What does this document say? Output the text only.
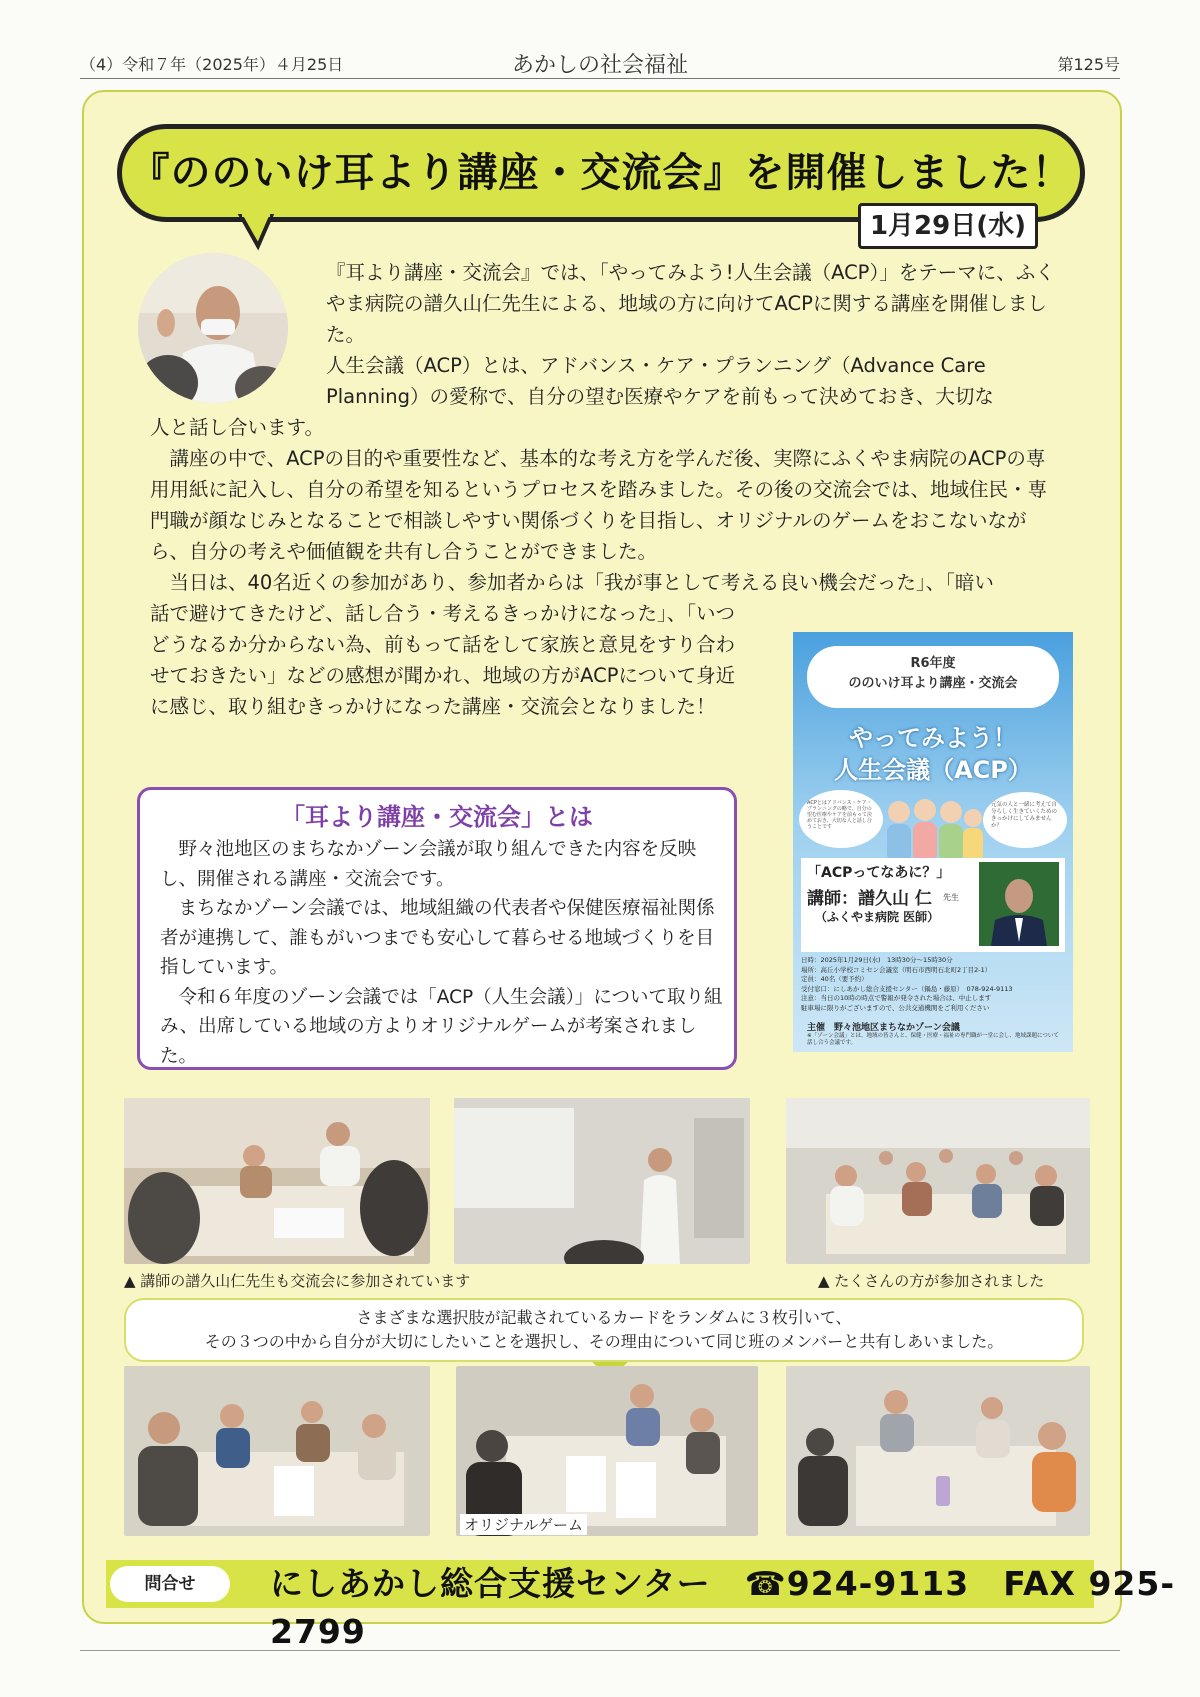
（4）令和７年（2025年）４月25日	あかしの社会福祉	第125号
『ののいけ耳より講座・交流会』を開催しました！
1月29日(水)
『耳より講座・交流会』では、「やってみよう!人生会議（ACP）」をテーマに、ふくやま病院の譜久山仁先生による、地域の方に向けてACPに関する講座を開催しました。
人生会議（ACP）とは、アドバンス・ケア・プランニング（Advance Care Planning）の愛称で、自分の望む医療やケアを前もって決めておき、大切な
人と話し合います。
講座の中で、ACPの目的や重要性など、基本的な考え方を学んだ後、実際にふくやま病院のACPの専用用紙に記入し、自分の希望を知るというプロセスを踏みました。その後の交流会では、地域住民・専門職が顔なじみとなることで相談しやすい関係づくりを目指し、オリジナルのゲームをおこないながら、自分の考えや価値観を共有し合うことができました。
当日は、40名近くの参加があり、参加者からは「我が事として考える良い機会だった」、「暗い
話で避けてきたけど、話し合う・考えるきっかけになった」、「いつどうなるか分からない為、前もって話をして家族と意見をすり合わせておきたい」などの感想が聞かれ、地域の方がACPについて身近に感じ、取り組むきっかけになった講座・交流会となりました！
「耳より講座・交流会」とは
野々池地区のまちなかゾーン会議が取り組んできた内容を反映し、開催される講座・交流会です。
まちなかゾーン会議では、地域組織の代表者や保健医療福祉関係者が連携して、誰もがいつまでも安心して暮らせる地域づくりを目指しています。
令和６年度のゾーン会議では「ACP（人生会議）」について取り組み、出席している地域の方よりオリジナルゲームが考案されました。
R6年度
ののいけ耳より講座・交流会
やってみよう！
人生会議（ACP）
ACPとはアドバンス・ケア・プランニングの略で、自分の望む医療やケアを前もって決めておき、大切な人と話し合うことです
元気の人と一緒に考えて自分らしく生きていくためのきっかけにしてみませんか？
「ACPってなあに？」
講師：譜久山 仁 先生
（ふくやま病院 医師）
日時：2025年1月29日(水)　13時30分～15時30分
場所：高丘小学校コミセン会議室（明石市西明石北町2丁目2-1）
定員：40名（要予約）
受付窓口：にしあかし総合支援センター（鍋島・藤原）　078-924-9113
注意：当日の10時の時点で警報が発令された場合は、中止します
駐車場に限りがございますので、公共交通機関をご利用ください
主催　野々池地区まちなかゾーン会議
※「ゾーン会議」とは、地域の皆さんと、保健・医療・福祉の専門職が一堂に会し、地域課題について話し合う会議です。
▲ 講師の譜久山仁先生も交流会に参加されています	▲ たくさんの方が参加されました
さまざまな選択肢が記載されているカードをランダムに３枚引いて、
その３つの中から自分が大切にしたいことを選択し、その理由について同じ班のメンバーと共有しあいました。
オリジナルゲーム
問合せ	にしあかし総合支援センター　☎924-9113　FAX 925-2799
